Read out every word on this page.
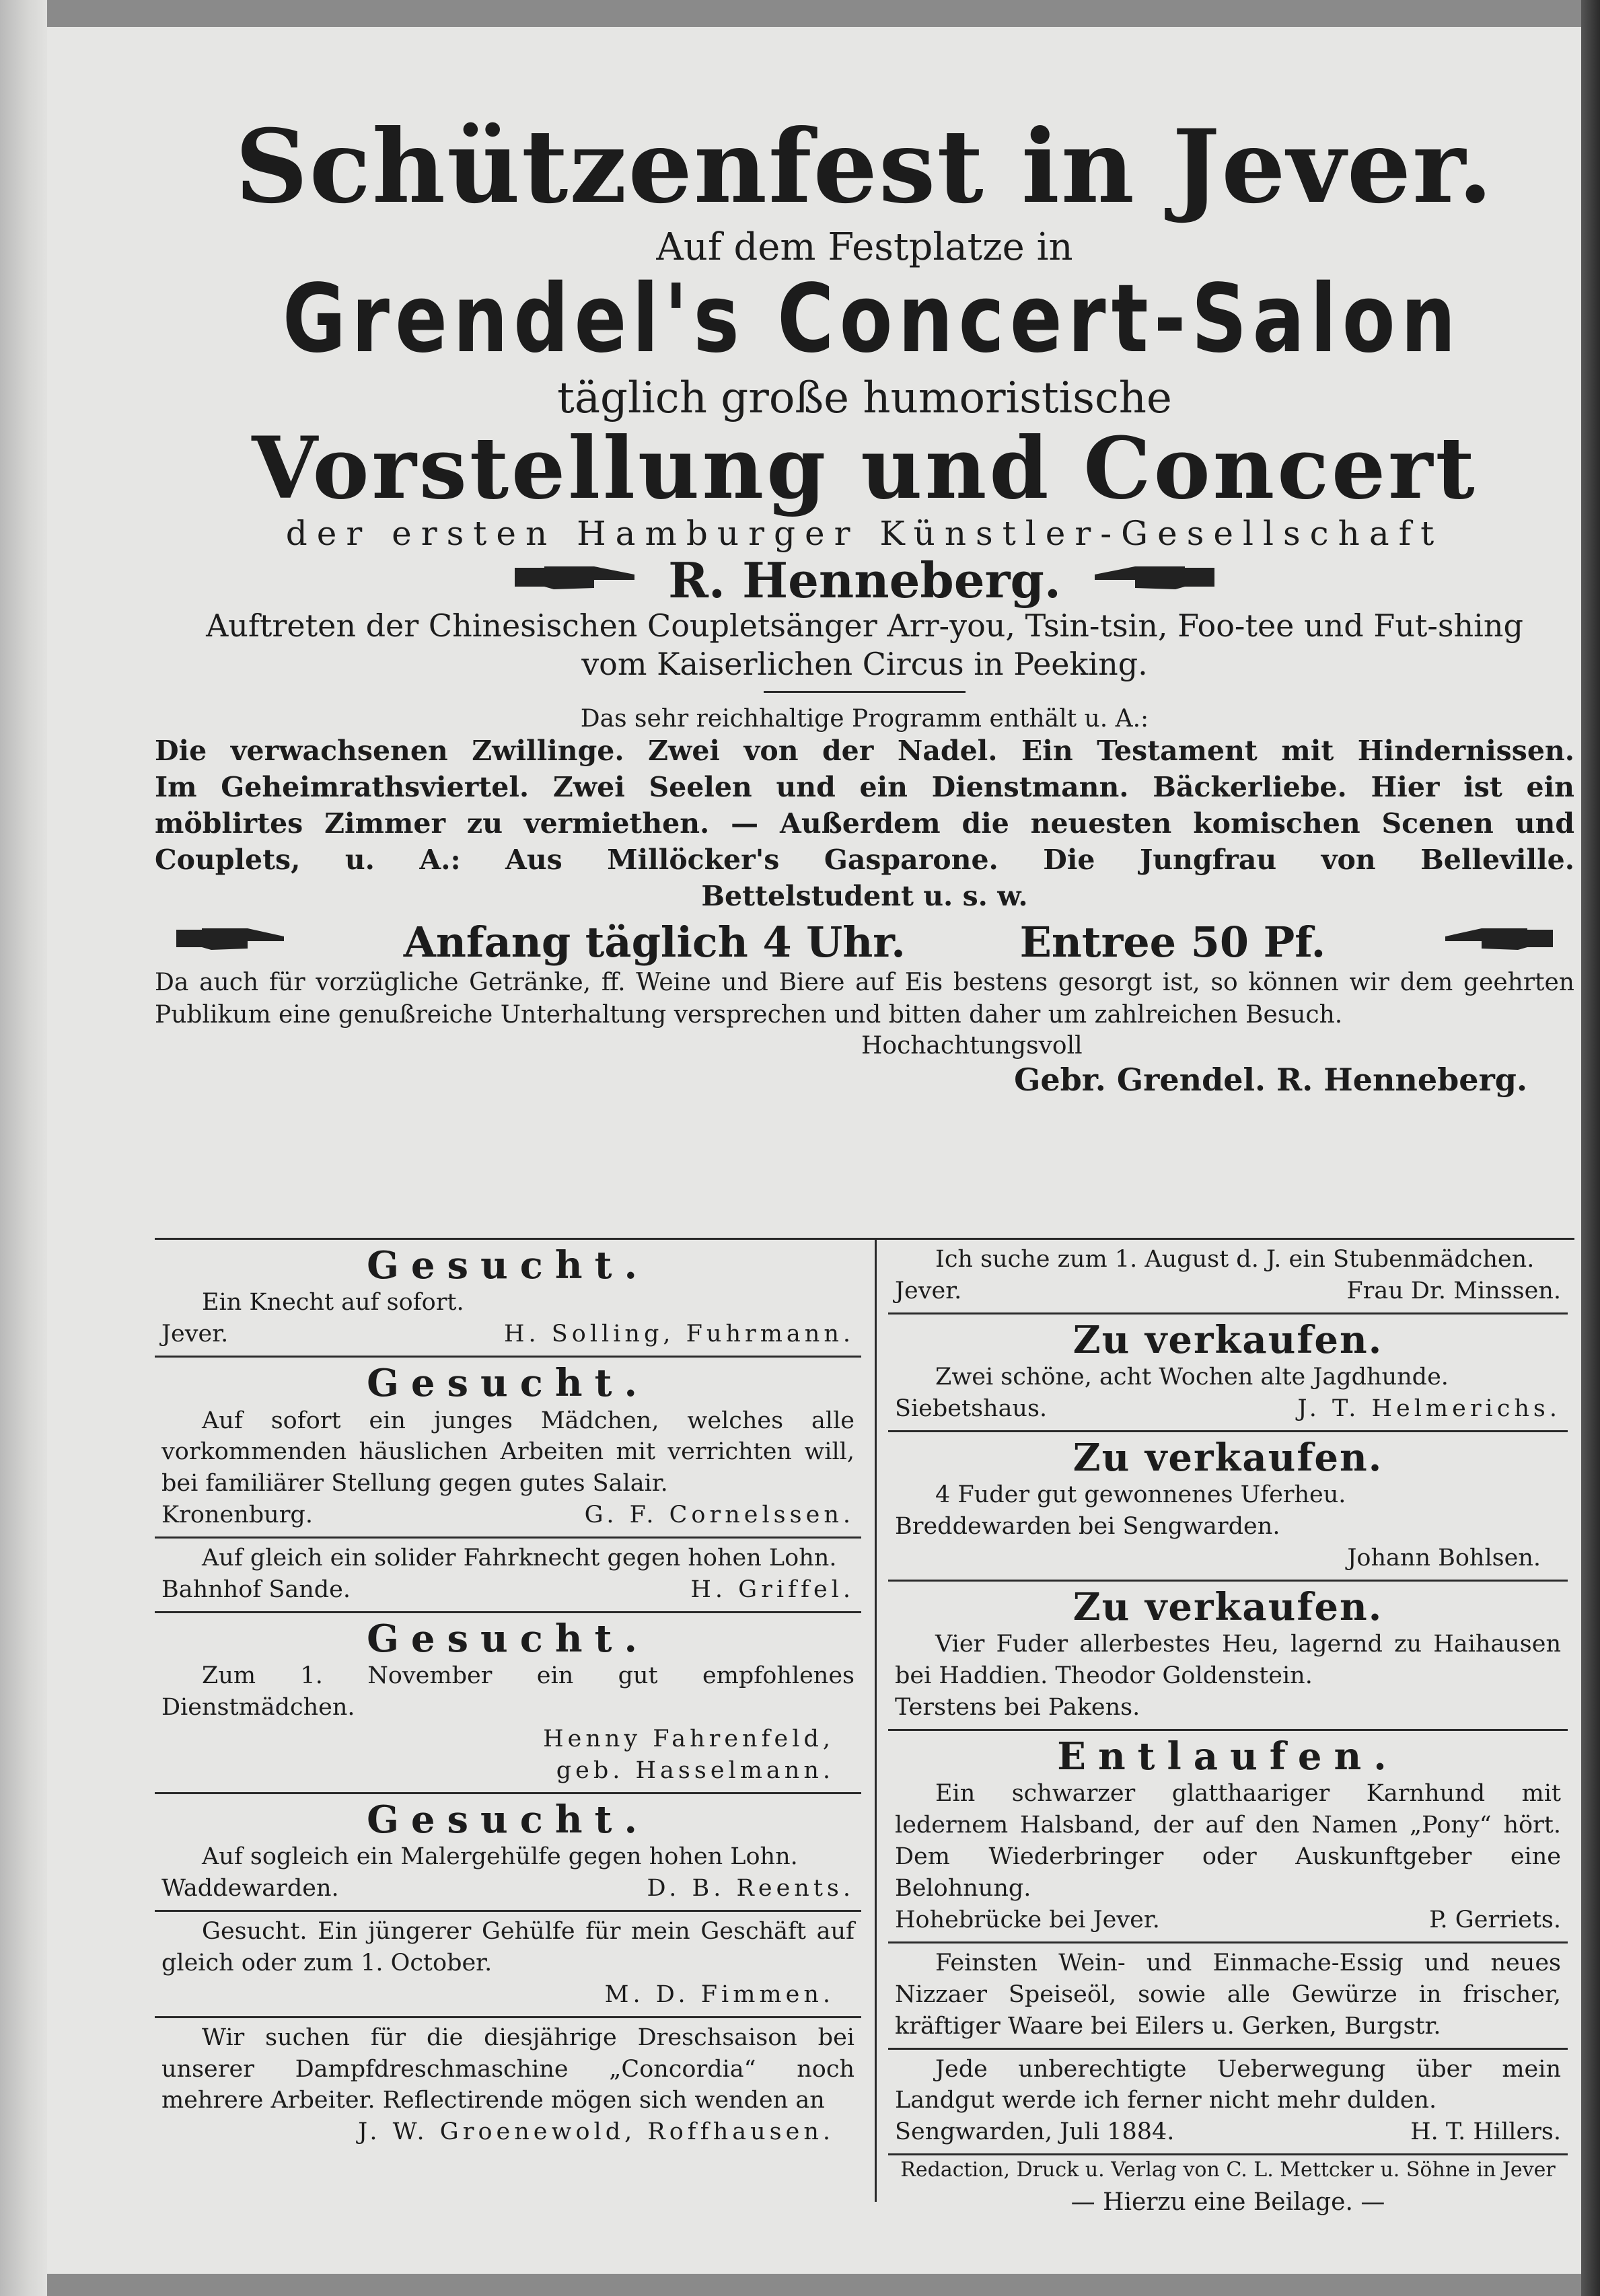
Schützenfest in Jever.
Auf dem Festplatze in
Grendel's Concert-Salon
täglich große humoristische
Vorstellung und Concert
der ersten Hamburger Künstler-Gesellschaft
R. Henneberg.
Auftreten der Chinesischen Coupletsänger Arr-you, Tsin-tsin, Foo-tee und Fut-shing
vom Kaiserlichen Circus in Peeking.
Das sehr reichhaltige Programm enthält u. A.:
Die verwachsenen Zwillinge. Zwei von der Nadel. Ein Testament mit Hindernissen.
Im Geheimrathsviertel. Zwei Seelen und ein Dienstmann. Bäckerliebe. Hier ist ein
möblirtes Zimmer zu vermiethen. — Außerdem die neuesten komischen Scenen und
Couplets, u. A.: Aus Millöcker's Gasparone. Die Jungfrau von Belleville.
Bettelstudent u. s. w.
Anfang täglich 4 Uhr.	Entree 50 Pf.
Da auch für vorzügliche Getränke, ff. Weine und Biere auf Eis bestens gesorgt ist, so können wir dem geehrten Publikum eine genußreiche Unterhaltung versprechen und bitten daher um zahlreichen Besuch.
Hochachtungsvoll
Gebr. Grendel. R. Henneberg.
Gesucht.

Ein Knecht auf sofort.

Jever.	H. Solling, Fuhrmann.
Gesucht.

Auf sofort ein junges Mädchen, welches alle vorkommenden häuslichen Arbeiten mit verrichten will, bei familiärer Stellung gegen gutes Salair.

Kronenburg.	G. F. Cornelssen.

Auf gleich ein solider Fahrknecht gegen hohen Lohn.

Bahnhof Sande.	H. Griffel.
Gesucht.

Zum 1. November ein gut empfohlenes Dienstmädchen.

Henny Fahrenfeld,
geb. Hasselmann.
Gesucht.

Auf sogleich ein Malergehülfe gegen hohen Lohn.

Waddewarden.	D. B. Reents.

Gesucht. Ein jüngerer Gehülfe für mein Geschäft auf gleich oder zum 1. October.

M. D. Fimmen.

Wir suchen für die diesjährige Dreschsaison bei unserer Dampfdreschmaschine „Concordia“ noch mehrere Arbeiter. Reflectirende mögen sich wenden an

J. W. Groenewold, Roffhausen.

Ich suche zum 1. August d. J. ein Stubenmädchen.

Jever.	Frau Dr. Minssen.
Zu verkaufen.

Zwei schöne, acht Wochen alte Jagdhunde.

Siebetshaus.	J. T. Helmerichs.
Zu verkaufen.

4 Fuder gut gewonnenes Uferheu.

Breddewarden bei Sengwarden.

Johann Bohlsen.
Zu verkaufen.

Vier Fuder allerbestes Heu, lagernd zu Haihausen bei Haddien. Theodor Goldenstein.

Terstens bei Pakens.

Entlaufen.

Ein schwarzer glatthaariger Karnhund mit ledernem Halsband, der auf den Namen „Pony“ hört. Dem Wiederbringer oder Auskunftgeber eine Belohnung.

Hohebrücke bei Jever.	P. Gerriets.

Feinsten Wein- und Einmache-Essig und neues Nizzaer Speiseöl, sowie alle Gewürze in frischer, kräftiger Waare bei Eilers u. Gerken, Burgstr.

Jede unberechtigte Ueberwegung über mein Landgut werde ich ferner nicht mehr dulden.

Sengwarden, Juli 1884.	H. T. Hillers.
Redaction, Druck u. Verlag von C. L. Mettcker u. Söhne in Jever
— Hierzu eine Beilage. —
